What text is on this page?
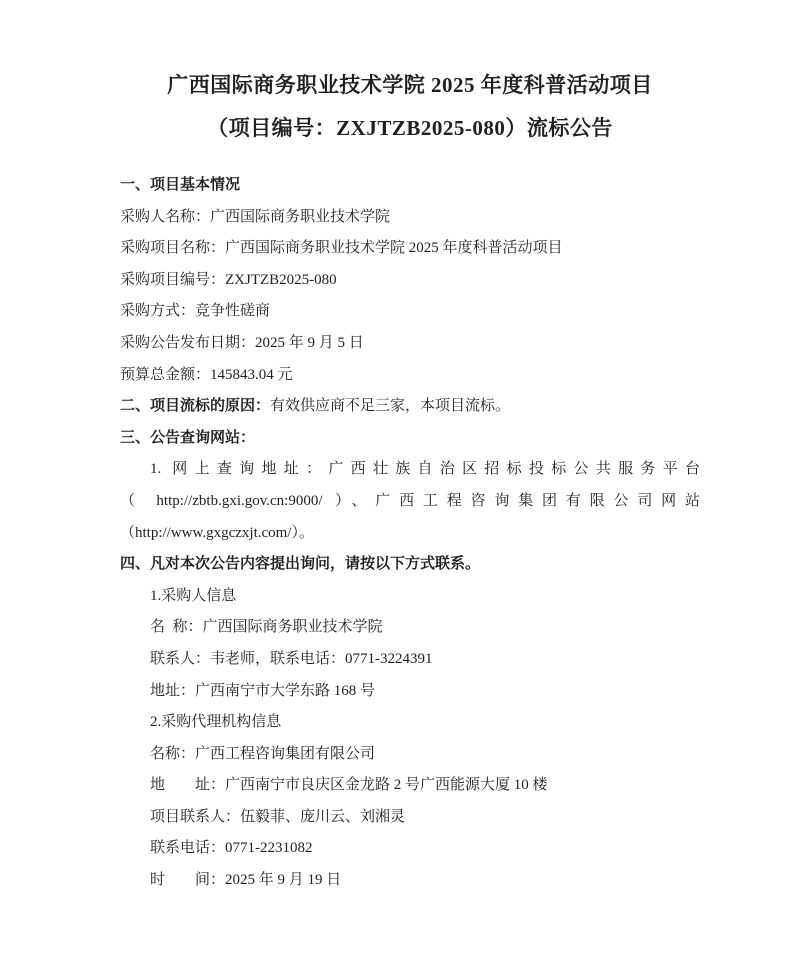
广西国际商务职业技术学院 2025 年度科普活动项目
（项目编号：ZXJTZB2025-080）流标公告

一、项目基本情况

采购人名称：广西国际商务职业技术学院

采购项目名称：广西国际商务职业技术学院 2025 年度科普活动项目

采购项目编号：ZXJTZB2025-080

采购方式：竞争性磋商

采购公告发布日期：2025 年 9 月 5 日

预算总金额：145843.04 元

二、项目流标的原因：有效供应商不足三家，本项目流标。

三、公告查询网站：

1. 网上查询地址：广西壮族自治区招标投标公共服务平台

（ http://zbtb.gxi.gov.cn:9000/ ）、广西工程咨询集团有限公司网站

（http://www.gxgczxjt.com/）。

四、凡对本次公告内容提出询问，请按以下方式联系。

1.采购人信息

名  称：广西国际商务职业技术学院

联系人：韦老师，联系电话：0771-3224391

地址：广西南宁市大学东路 168 号

2.采购代理机构信息

名称：广西工程咨询集团有限公司

地　　址：广西南宁市良庆区金龙路 2 号广西能源大厦 10 楼

项目联系人：伍毅菲、庞川云、刘湘灵

联系电话：0771-2231082

时　　间：2025 年 9 月 19 日
